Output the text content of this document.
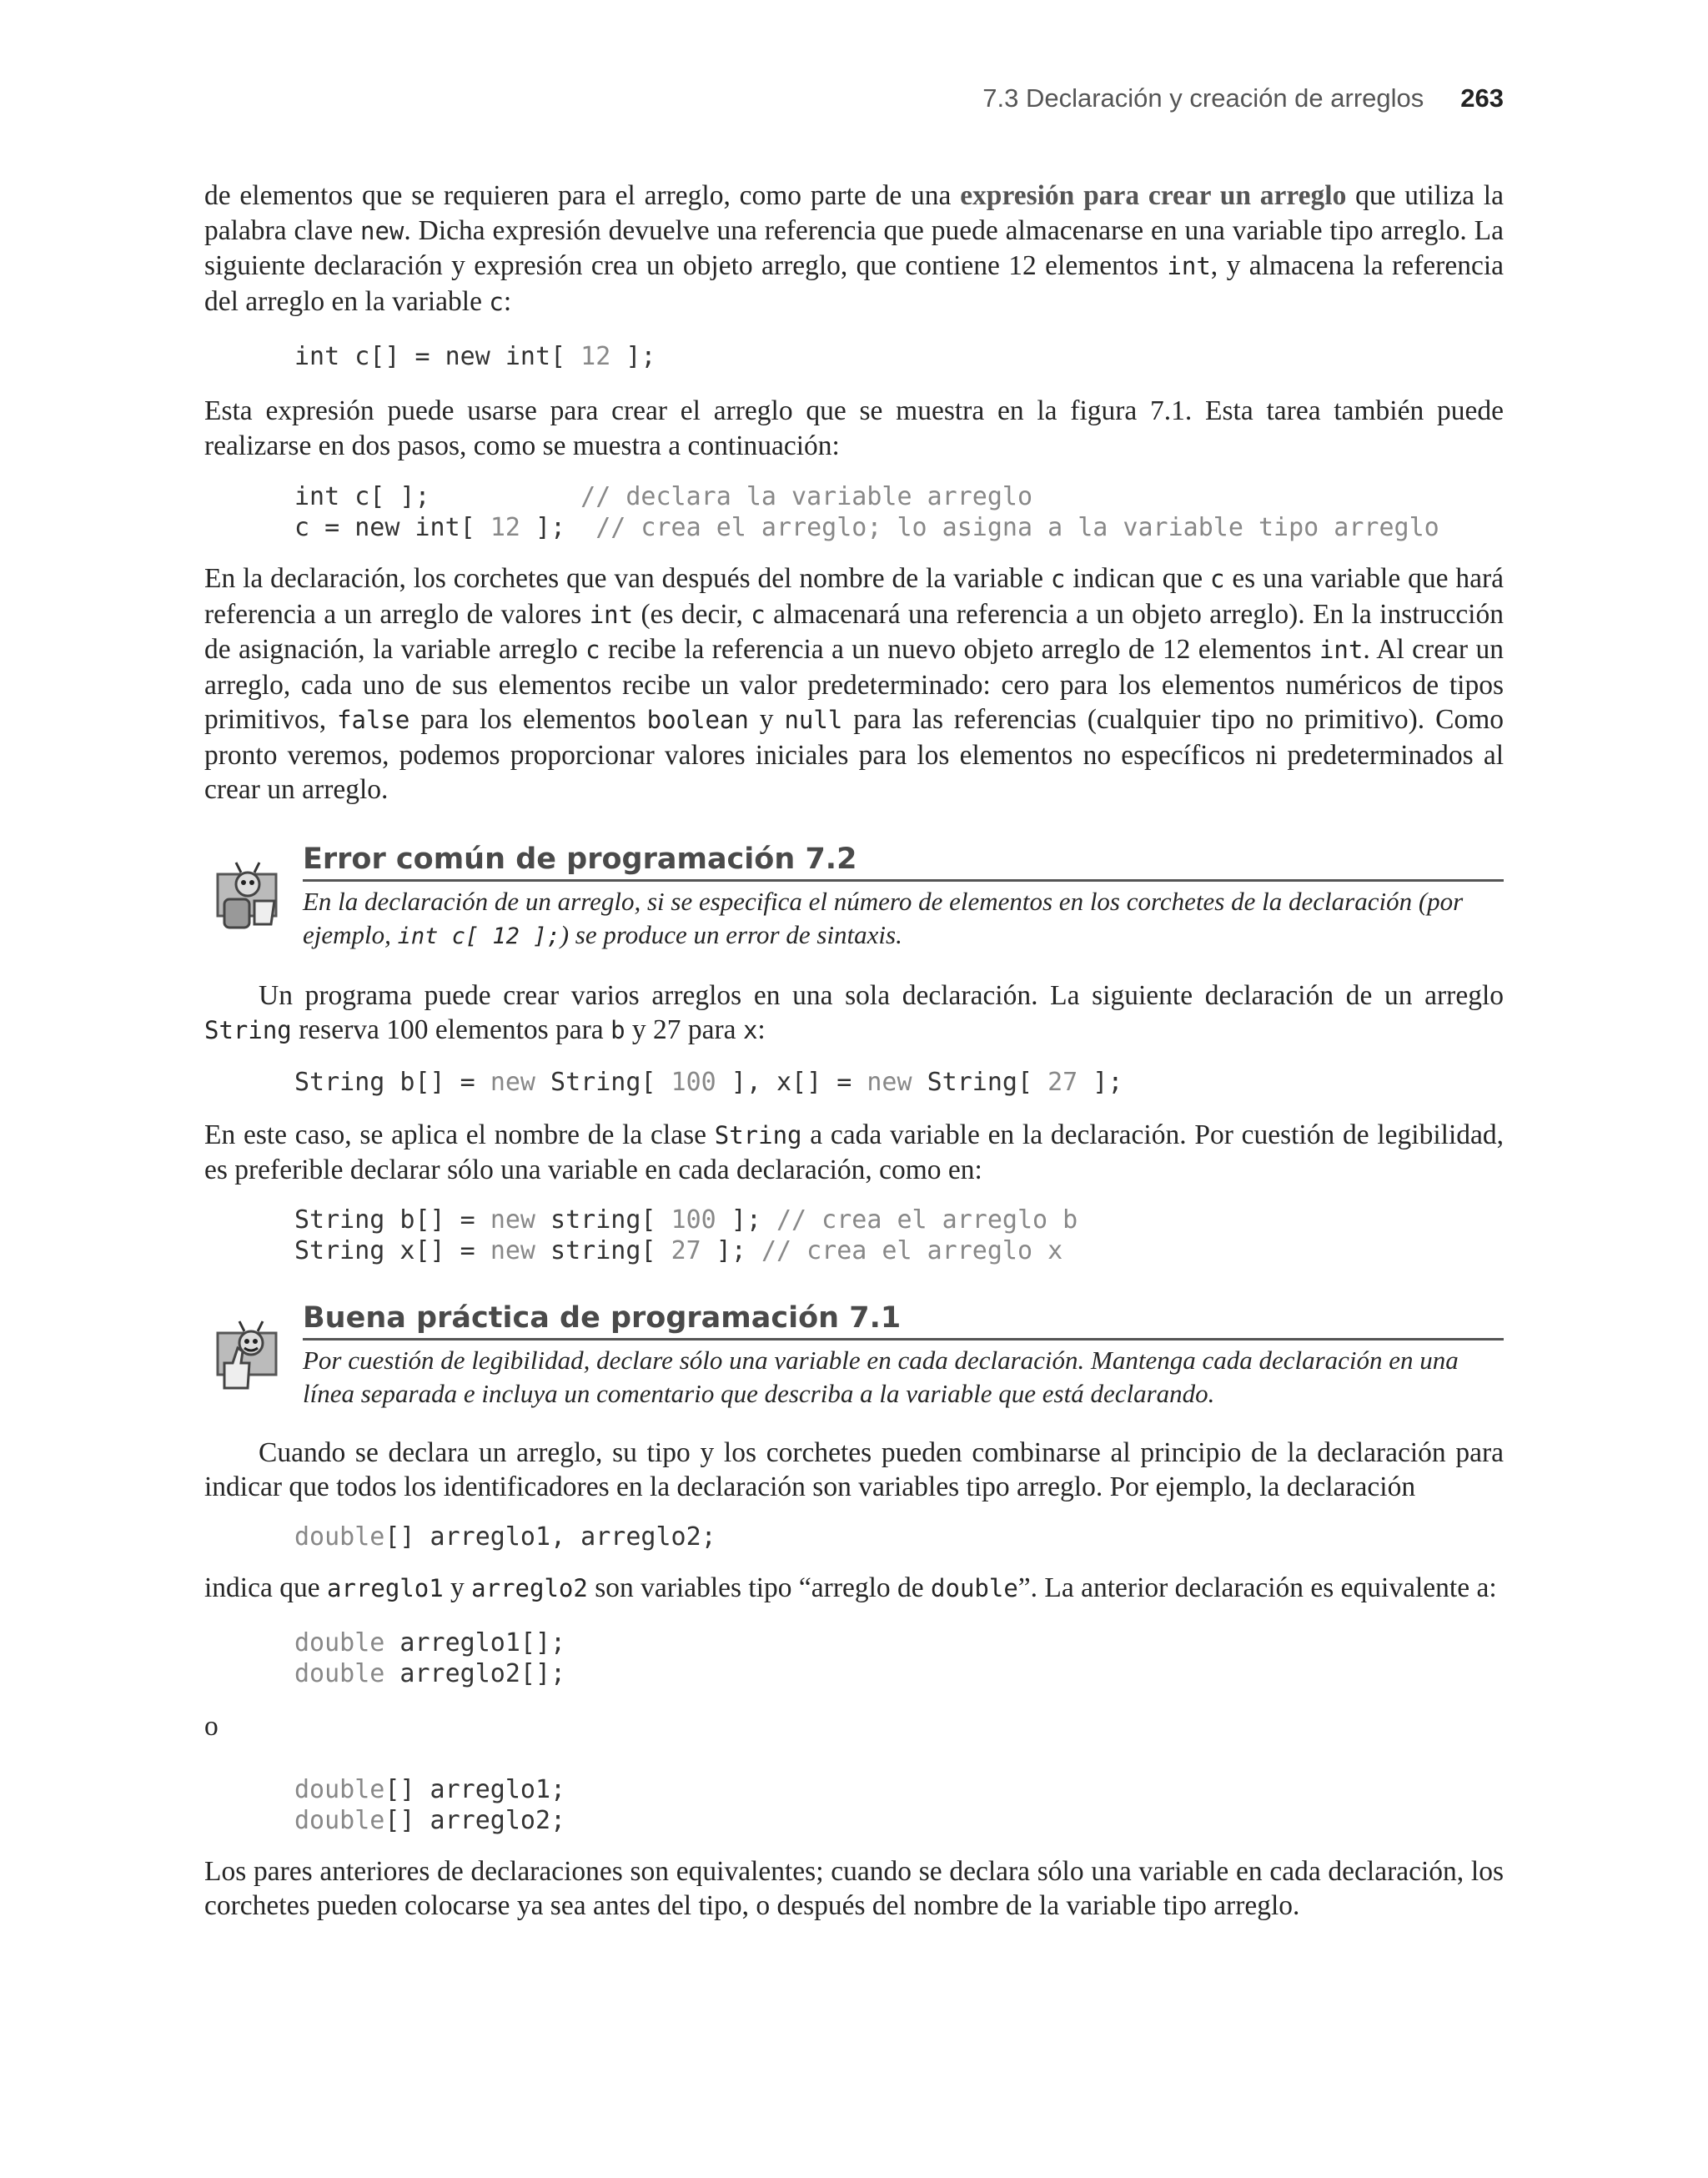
7.3 Declaración y creación de arreglos 263

de elementos que se requieren para el arreglo, como parte de una expresión para crear un arreglo que utiliza la palabra clave new. Dicha expresión devuelve una referencia que puede almacenarse en una variable tipo arreglo. La siguiente declaración y expresión crea un objeto arreglo, que contiene 12 elementos int, y almacena la referencia del arreglo en la variable c:

int c[] = new int[ 12 ];

Esta expresión puede usarse para crear el arreglo que se muestra en la figura 7.1. Esta tarea también puede realizarse en dos pasos, como se muestra a continuación:

int c[ ];          // declara la variable arreglo
c = new int[ 12 ];  // crea el arreglo; lo asigna a la variable tipo arreglo

En la declaración, los corchetes que van después del nombre de la variable c indican que c es una variable que hará referencia a un arreglo de valores int (es decir, c almacenará una referencia a un objeto arreglo). En la instrucción de asignación, la variable arreglo c recibe la referencia a un nuevo objeto arreglo de 12 elementos int. Al crear un arreglo, cada uno de sus elementos recibe un valor predeterminado: cero para los elementos numéricos de tipos primitivos, false para los elementos boolean y null para las referencias (cualquier tipo no primitivo). Como pronto veremos, podemos proporcionar valores iniciales para los elementos no específicos ni predeterminados al crear un arreglo.

Error común de programación 7.2
En la declaración de un arreglo, si se especifica el número de elementos en los corchetes de la declaración (por ejemplo, int c[ 12 ];) se produce un error de sintaxis.

Un programa puede crear varios arreglos en una sola declaración. La siguiente declaración de un arreglo String reserva 100 elementos para b y 27 para x:

String b[] = new String[ 100 ], x[] = new String[ 27 ];

En este caso, se aplica el nombre de la clase String a cada variable en la declaración. Por cuestión de legibilidad, es preferible declarar sólo una variable en cada declaración, como en:

String b[] = new string[ 100 ]; // crea el arreglo b
String x[] = new string[ 27 ]; // crea el arreglo x
Buena práctica de programación 7.1
Por cuestión de legibilidad, declare sólo una variable en cada declaración. Mantenga cada declaración en una línea separada e incluya un comentario que describa a la variable que está declarando.

Cuando se declara un arreglo, su tipo y los corchetes pueden combinarse al principio de la declaración para indicar que todos los identificadores en la declaración son variables tipo arreglo. Por ejemplo, la declaración

double[] arreglo1, arreglo2;

indica que arreglo1 y arreglo2 son variables tipo “arreglo de double”. La anterior declaración es equivalente a:

double arreglo1[];
double arreglo2[];

o

double[] arreglo1;
double[] arreglo2;

Los pares anteriores de declaraciones son equivalentes; cuando se declara sólo una variable en cada declaración, los corchetes pueden colocarse ya sea antes del tipo, o después del nombre de la variable tipo arreglo.
